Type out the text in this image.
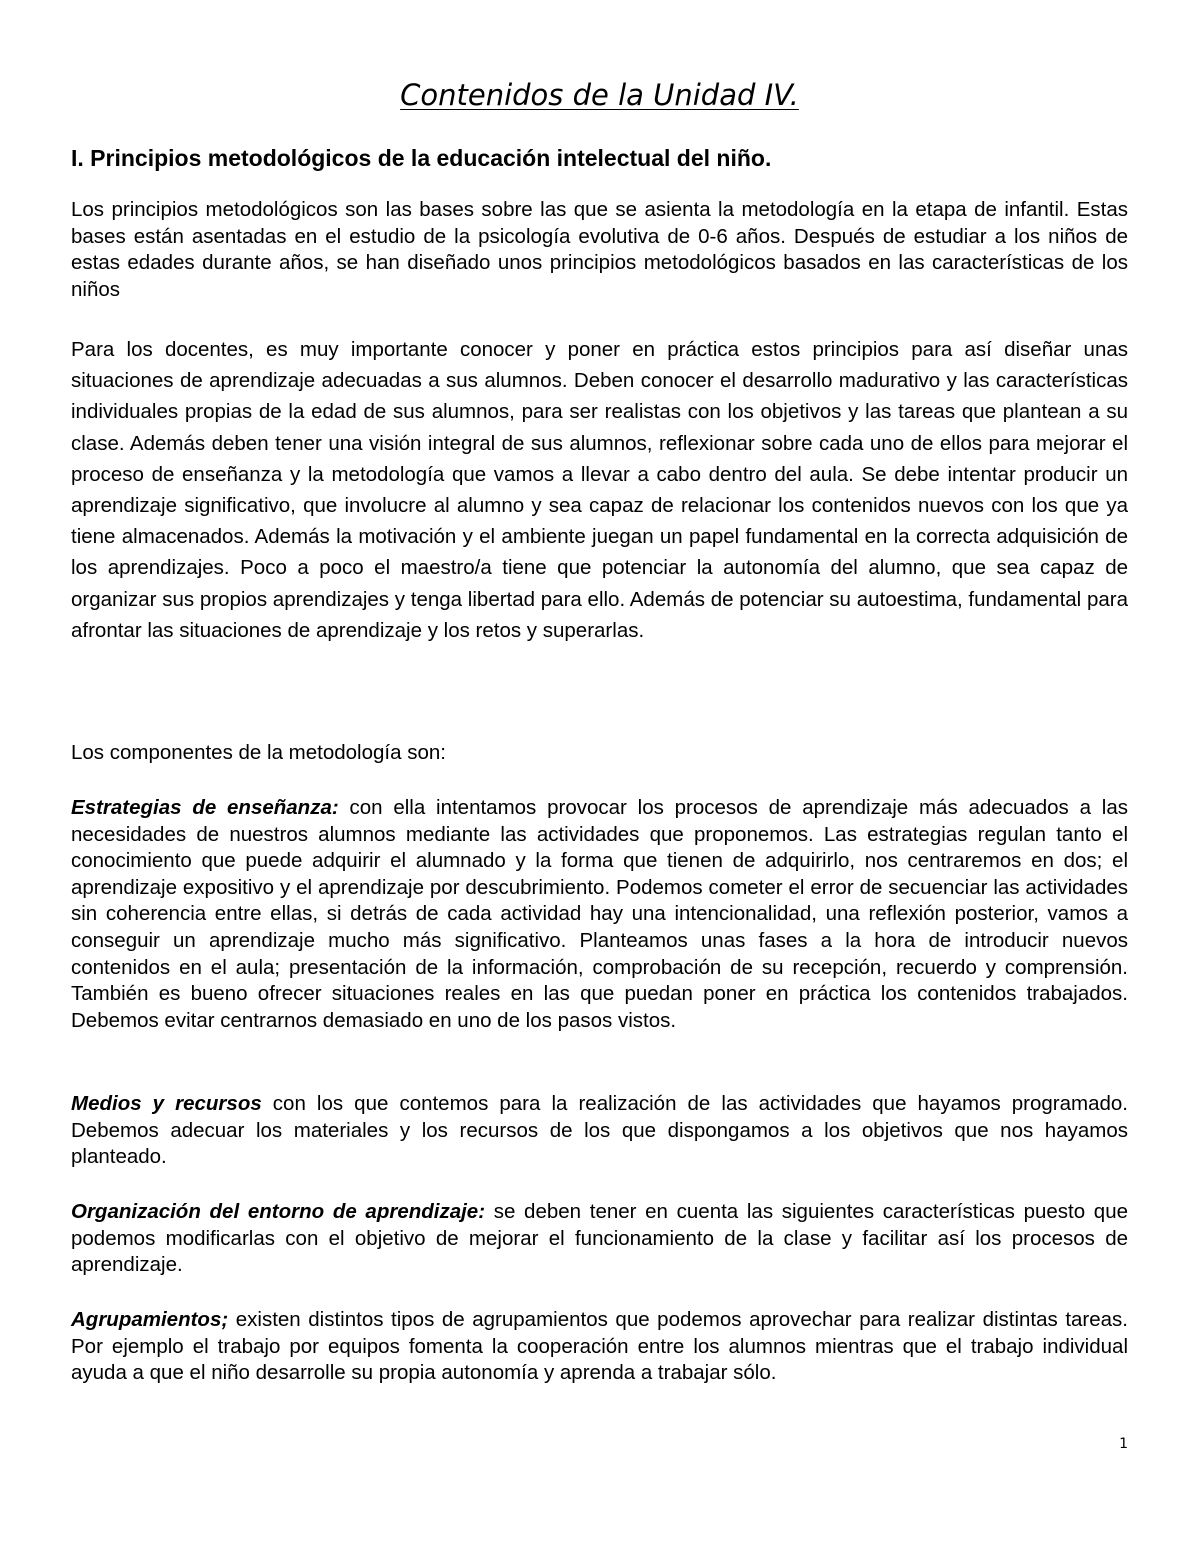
Contenidos de la Unidad IV.
I. Principios metodológicos de la educación intelectual del niño.

Los principios metodológicos son las bases sobre las que se asienta la metodología en la etapa de infantil. Estas bases están asentadas en el estudio de la psicología evolutiva de 0-6 años. Después de estudiar a los niños de estas edades durante años, se han diseñado unos principios metodológicos basados en las características de los niños

Para los docentes, es muy importante conocer y poner en práctica estos principios para así diseñar unas situaciones de aprendizaje adecuadas a sus alumnos. Deben conocer el desarrollo madurativo y las características individuales propias de la edad de sus alumnos, para ser realistas con los objetivos y las tareas que plantean a su clase. Además deben tener una visión integral de sus alumnos, reflexionar sobre cada uno de ellos para mejorar el proceso de enseñanza y la metodología que vamos a llevar a cabo dentro del aula. Se debe intentar producir un aprendizaje significativo, que involucre al alumno y sea capaz de relacionar los contenidos nuevos con los que ya tiene almacenados. Además la motivación y el ambiente juegan un papel fundamental en la correcta adquisición de los aprendizajes. Poco a poco el maestro/a tiene que potenciar la autonomía del alumno, que sea capaz de organizar sus propios aprendizajes y tenga libertad para ello. Además de potenciar su autoestima, fundamental para afrontar las situaciones de aprendizaje y los retos y superarlas.

Los componentes de la metodología son:

Estrategias de enseñanza: con ella intentamos provocar los procesos de aprendizaje más adecuados a las necesidades de nuestros alumnos mediante las actividades que proponemos. Las estrategias regulan tanto el conocimiento que puede adquirir el alumnado y la forma que tienen de adquirirlo, nos centraremos en dos; el aprendizaje expositivo y el aprendizaje por descubrimiento. Podemos cometer el error de secuenciar las actividades sin coherencia entre ellas, si detrás de cada actividad hay una intencionalidad, una reflexión posterior, vamos a conseguir un aprendizaje mucho más significativo. Planteamos unas fases a la hora de introducir nuevos contenidos en el aula; presentación de la información, comprobación de su recepción, recuerdo y comprensión. También es bueno ofrecer situaciones reales en las que puedan poner en práctica los contenidos trabajados. Debemos evitar centrarnos demasiado en uno de los pasos vistos.

Medios y recursos con los que contemos para la realización de las actividades que hayamos programado. Debemos adecuar los materiales y los recursos de los que dispongamos a los objetivos que nos hayamos planteado.

Organización del entorno de aprendizaje: se deben tener en cuenta las siguientes características puesto que podemos modificarlas con el objetivo de mejorar el funcionamiento de la clase y facilitar así los procesos de aprendizaje.

Agrupamientos; existen distintos tipos de agrupamientos que podemos aprovechar para realizar distintas tareas. Por ejemplo el trabajo por equipos fomenta la cooperación entre los alumnos mientras que el trabajo individual ayuda a que el niño desarrolle su propia autonomía y aprenda a trabajar sólo.

1
